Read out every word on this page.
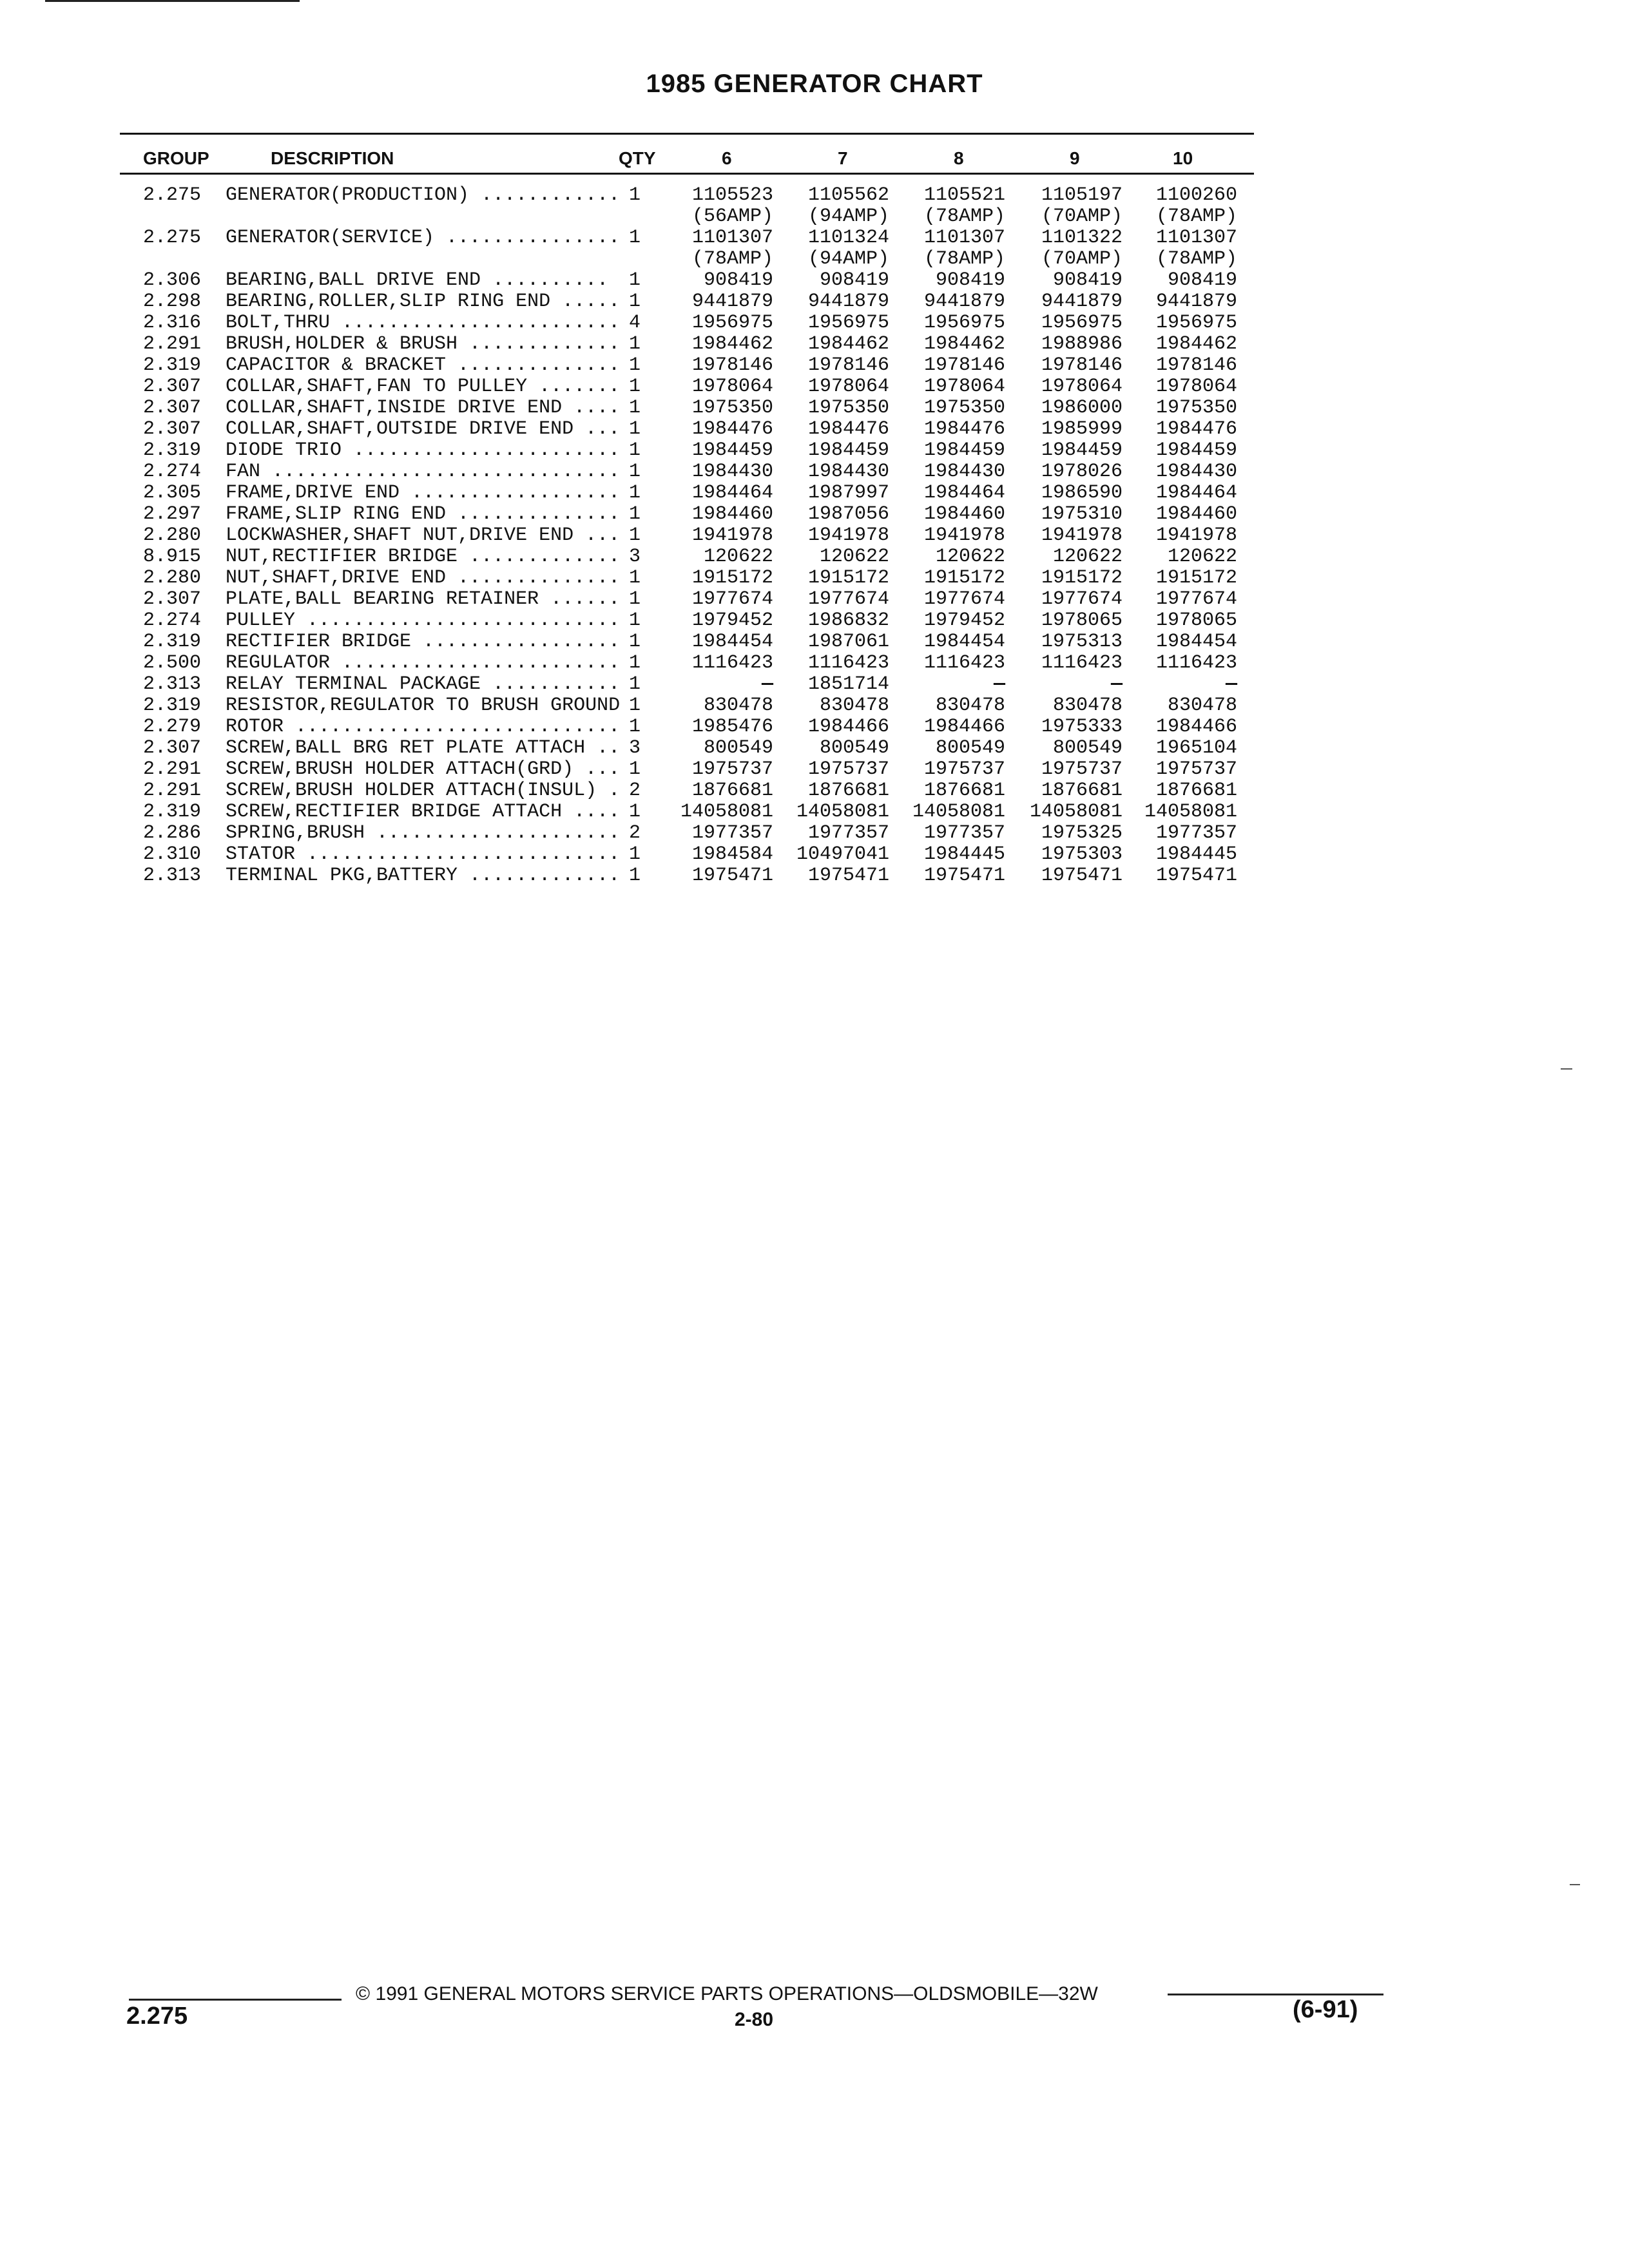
1985 GENERATOR CHART
GROUP	DESCRIPTION	QTY	6	7	8	9	10
2.275 GENERATOR(PRODUCTION) ............ 1	1105523	1105562	1105521	1105197	1100260
(56AMP)	(94AMP)	(78AMP)	(70AMP)	(78AMP)
2.275 GENERATOR(SERVICE) ............... 1	1101307	1101324	1101307	1101322	1101307
(78AMP)	(94AMP)	(78AMP)	(70AMP)	(78AMP)
2.306 BEARING,BALL DRIVE END .......... 1	908419	908419	908419	908419	908419
2.298 BEARING,ROLLER,SLIP RING END ..... 1	9441879	9441879	9441879	9441879	9441879
2.316 BOLT,THRU ........................ 4	1956975	1956975	1956975	1956975	1956975
2.291 BRUSH,HOLDER & BRUSH ............. 1	1984462	1984462	1984462	1988986	1984462
2.319 CAPACITOR & BRACKET .............. 1	1978146	1978146	1978146	1978146	1978146
2.307 COLLAR,SHAFT,FAN TO PULLEY ....... 1	1978064	1978064	1978064	1978064	1978064
2.307 COLLAR,SHAFT,INSIDE DRIVE END .... 1	1975350	1975350	1975350	1986000	1975350
2.307 COLLAR,SHAFT,OUTSIDE DRIVE END ... 1	1984476	1984476	1984476	1985999	1984476
2.319 DIODE TRIO ....................... 1	1984459	1984459	1984459	1984459	1984459
2.274 FAN .............................. 1	1984430	1984430	1984430	1978026	1984430
2.305 FRAME,DRIVE END .................. 1	1984464	1987997	1984464	1986590	1984464
2.297 FRAME,SLIP RING END .............. 1	1984460	1987056	1984460	1975310	1984460
2.280 LOCKWASHER,SHAFT NUT,DRIVE END ... 1	1941978	1941978	1941978	1941978	1941978
8.915 NUT,RECTIFIER BRIDGE ............. 3	120622	120622	120622	120622	120622
2.280 NUT,SHAFT,DRIVE END .............. 1	1915172	1915172	1915172	1915172	1915172
2.307 PLATE,BALL BEARING RETAINER ...... 1	1977674	1977674	1977674	1977674	1977674
2.274 PULLEY ........................... 1	1979452	1986832	1979452	1978065	1978065
2.319 RECTIFIER BRIDGE ................. 1	1984454	1987061	1984454	1975313	1984454
2.500 REGULATOR ........................ 1	1116423	1116423	1116423	1116423	1116423
2.313 RELAY TERMINAL PACKAGE ........... 1	—	1851714	—	—	—
2.319 RESISTOR,REGULATOR TO BRUSH GROUND 1	830478	830478	830478	830478	830478
2.279 ROTOR ............................ 1	1985476	1984466	1984466	1975333	1984466
2.307 SCREW,BALL BRG RET PLATE ATTACH .. 3	800549	800549	800549	800549	1965104
2.291 SCREW,BRUSH HOLDER ATTACH(GRD) ... 1	1975737	1975737	1975737	1975737	1975737
2.291 SCREW,BRUSH HOLDER ATTACH(INSUL) . 2	1876681	1876681	1876681	1876681	1876681
2.319 SCREW,RECTIFIER BRIDGE ATTACH .... 1	14058081	14058081	14058081	14058081	14058081
2.286 SPRING,BRUSH ..................... 2	1977357	1977357	1977357	1975325	1977357
2.310 STATOR ........................... 1	1984584	10497041	1984445	1975303	1984445
2.313 TERMINAL PKG,BATTERY ............. 1	1975471	1975471	1975471	1975471	1975471
© 1991 GENERAL MOTORS SERVICE PARTS OPERATIONS—OLDSMOBILE—32W
2.275	2-80	(6-91)
